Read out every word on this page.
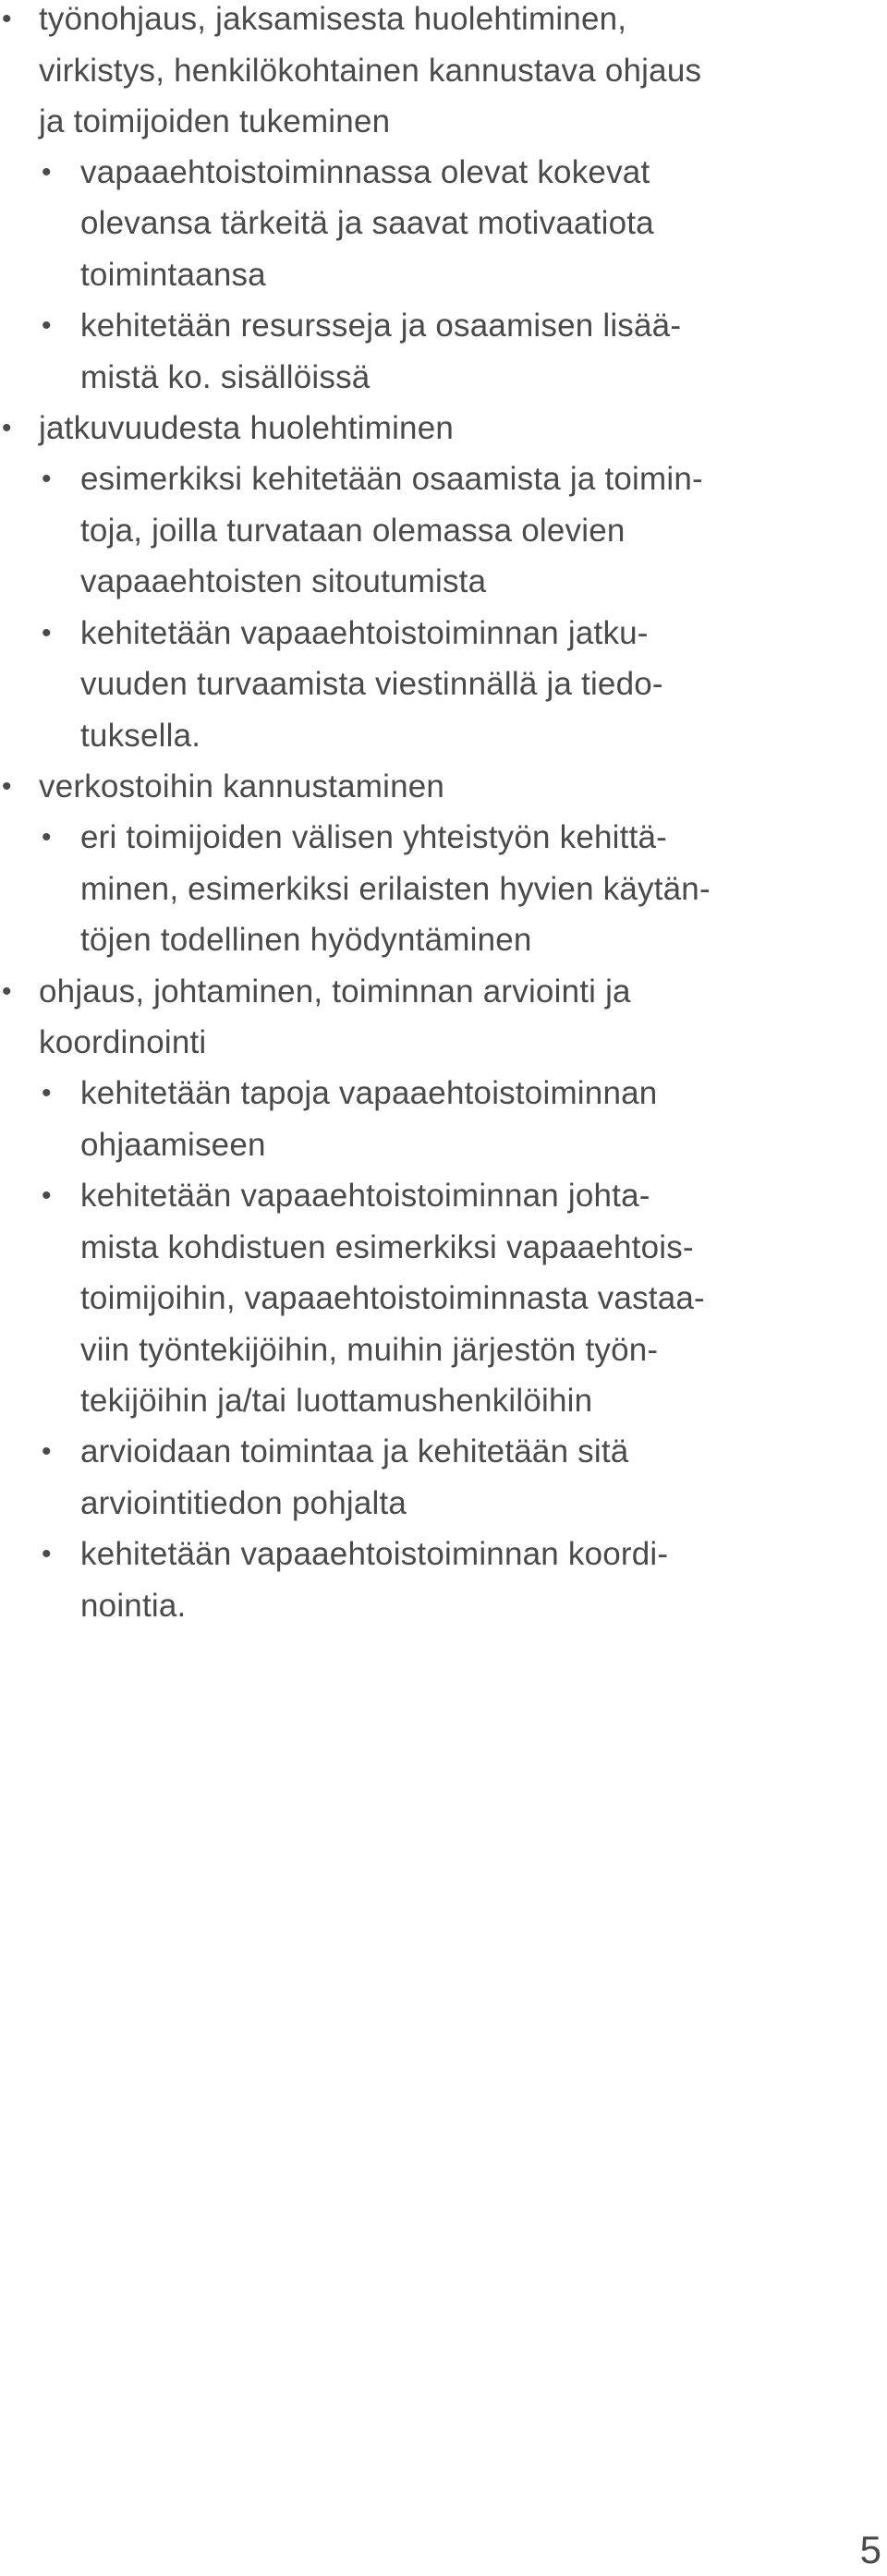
• työnohjaus, jaksamisesta huolehtiminen,
virkistys, henkilökohtainen kannustava ohjaus
ja toimijoiden tukeminen
• vapaaehtoistoiminnassa olevat kokevat
olevansa tärkeitä ja saavat motivaatiota
toimintaansa
• kehitetään resursseja ja osaamisen lisää-
mistä ko. sisällöissä
• jatkuvuudesta huolehtiminen
• esimerkiksi kehitetään osaamista ja toimin-
toja, joilla turvataan olemassa olevien
vapaaehtoisten sitoutumista
• kehitetään vapaaehtoistoiminnan jatku-
vuuden turvaamista viestinnällä ja tiedo-
tuksella.
• verkostoihin kannustaminen
• eri toimijoiden välisen yhteistyön kehittä-
minen, esimerkiksi erilaisten hyvien käytän-
töjen todellinen hyödyntäminen
• ohjaus, johtaminen, toiminnan arviointi ja
koordinointi
• kehitetään tapoja vapaaehtoistoiminnan
ohjaamiseen
• kehitetään vapaaehtoistoiminnan johta-
mista kohdistuen esimerkiksi vapaaehtois-
toimijoihin, vapaaehtoistoiminnasta vastaa-
viin työntekijöihin, muihin järjestön työn-
tekijöihin ja/tai luottamushenkilöihin
• arvioidaan toimintaa ja kehitetään sitä
arviointitiedon pohjalta
• kehitetään vapaaehtoistoiminnan koordi-
nointia.
5
